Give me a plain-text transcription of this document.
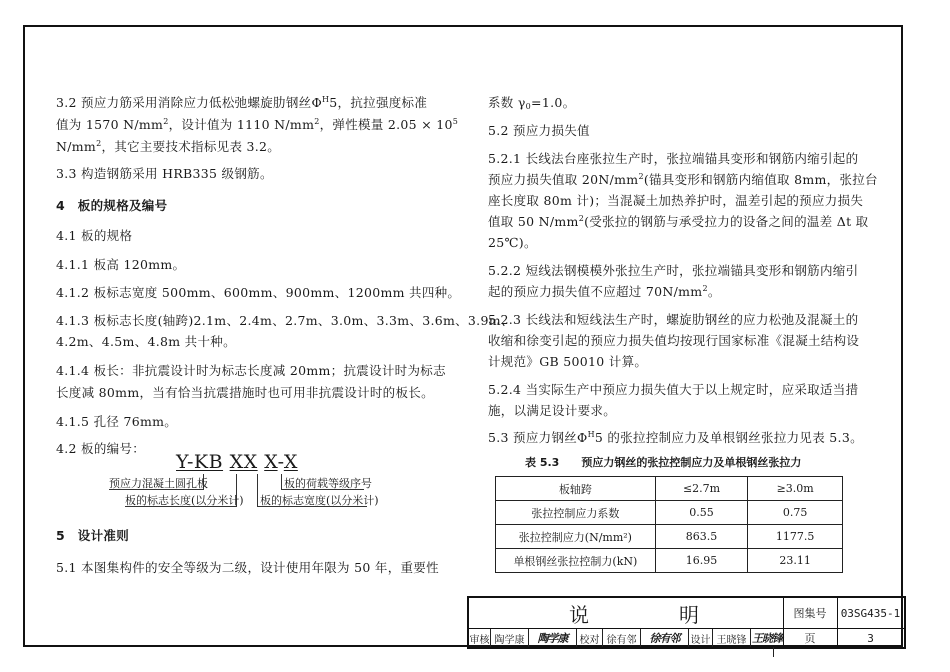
3.2 预应力筋采用消除应力低松弛螺旋肋钢丝$\Phi^H5$，抗拉强度标准
值为 1570 $N/mm^2$，设计值为 1110 $N/mm^2$，弹性模量 $2.05 \times 10^5$
$N/mm^2$，其它主要技术指标见表 3.2。
3.3 构造钢筋采用 HRB335 级钢筋。
4　板的规格及编号
4.1 板的规格
4.1.1 板高 120mm。
4.1.2 板标志宽度 500mm、600mm、900mm、1200mm 共四种。
4.1.3 板标志长度(轴跨)2.1m、2.4m、2.7m、3.0m、3.3m、3.6m、3.9m、
4.2m、4.5m、4.8m 共十种。
4.1.4 板长：非抗震设计时为标志长度减 20mm；抗震设计时为标志
长度减 80mm，当有恰当抗震措施时也可用非抗震设计时的板长。
4.1.5 孔径 76mm。
4.2 板的编号：
Y-KB XX X-X
预应力混凝土圆孔板
板的标志长度(以分米计) 板的标志宽度(以分米计)
板的荷载等级序号
5　设计准则
5.1 本图集构件的安全等级为二级，设计使用年限为 50 年，重要性
系数 $\gamma_0=1.0$。
5.2 预应力损失值
5.2.1 长线法台座张拉生产时，张拉端锚具变形和钢筋内缩引起的
预应力损失值取 $20N/mm^2$(锚具变形和钢筋内缩值取 8mm，张拉台
座长度取 80m 计)；当混凝土加热养护时，温差引起的预应力损失
值取 50 $N/mm^2$(受张拉的钢筋与承受拉力的设备之间的温差 Δt 取
25℃)。
5.2.2 短线法钢模模外张拉生产时，张拉端锚具变形和钢筋内缩引
起的预应力损失值不应超过 $70N/mm^2$。
5.2.3 长线法和短线法生产时，螺旋肋钢丝的应力松弛及混凝土的
收缩和徐变引起的预应力损失值均按现行国家标准《混凝土结构设
计规范》GB 50010 计算。
5.2.4 当实际生产中预应力损失值大于以上规定时，应采取适当措
施，以满足设计要求。
5.3 预应力钢丝$\Phi^H5$ 的张拉控制应力及单根钢丝张拉力见表 5.3。
表 5.3　　预应力钢丝的张拉控制应力及单根钢丝张拉力
板轴跨	≤2.7m	≥3.0m
张拉控制应力系数	0.55	0.75
张拉控制应力(N/mm²)	863.5	1177.5
单根钢丝张拉控制力(kN)	16.95	23.11
说	明	图集号	03SG435-1
页	3
审核 陶学康	陶学康	校对 徐有邻	徐有邻	设计 王晓锋 王晓锋
